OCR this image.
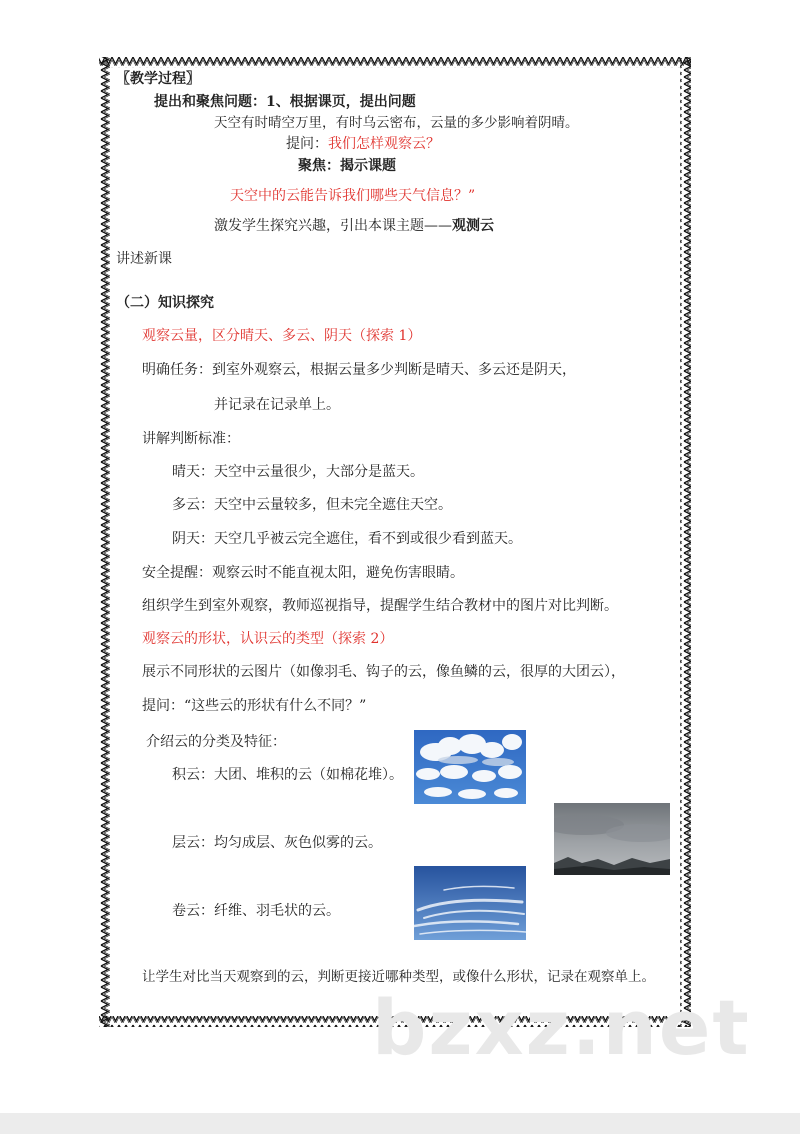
〖教学过程〗
提出和聚焦问题：1、根据课页，提出问题
天空有时晴空万里，有时乌云密布，云量的多少影响着阴晴。
提问：我们怎样观察云？
聚焦：揭示课题
天空中的云能告诉我们哪些天气信息？”
激发学生探究兴趣，引出本课主题——观测云
讲述新课
（二）知识探究
观察云量，区分晴天、多云、阴天（探索 1）
明确任务：到室外观察云，根据云量多少判断是晴天、多云还是阴天，
并记录在记录单上。
讲解判断标准：
晴天：天空中云量很少，大部分是蓝天。
多云：天空中云量较多，但未完全遮住天空。
阴天：天空几乎被云完全遮住，看不到或很少看到蓝天。
安全提醒：观察云时不能直视太阳，避免伤害眼睛。
组织学生到室外观察，教师巡视指导，提醒学生结合教材中的图片对比判断。
观察云的形状，认识云的类型（探索 2）
展示不同形状的云图片（如像羽毛、钩子的云，像鱼鳞的云，很厚的大团云），
提问：“这些云的形状有什么不同？”
介绍云的分类及特征：
积云：大团、堆积的云（如棉花堆）。
层云：均匀成层、灰色似雾的云。
卷云：纤维、羽毛状的云。
让学生对比当天观察到的云，判断更接近哪种类型，或像什么形状，记录在观察单上。
bzxz.net
